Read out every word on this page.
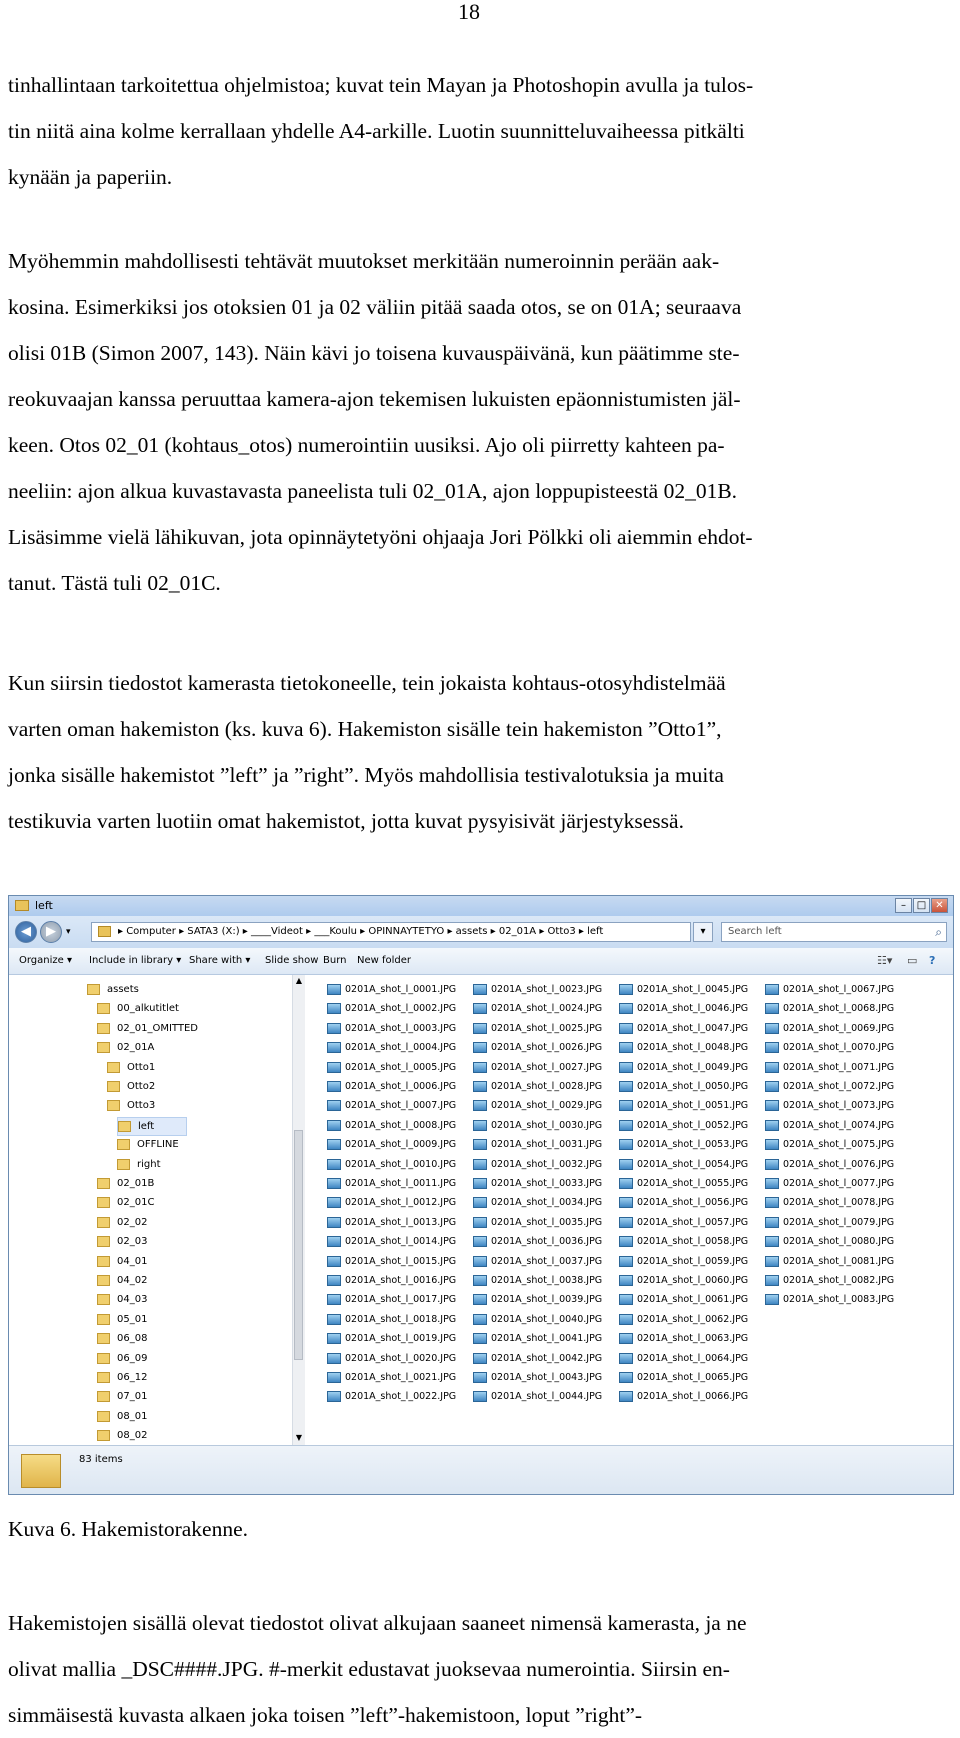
18

tinhallintaan tarkoitettua ohjelmistoa; kuvat tein Mayan ja Photoshopin avulla ja tulos-
tin niitä aina kolme kerrallaan yhdelle A4-arkille. Luotin suunnitteluvaiheessa pitkälti
kynään ja paperiin.

Myöhemmin mahdollisesti tehtävät muutokset merkitään numeroinnin perään aak-
kosina. Esimerkiksi jos otoksien 01 ja 02 väliin pitää saada otos, se on 01A; seuraava
olisi 01B (Simon 2007, 143). Näin kävi jo toisena kuvauspäivänä, kun päätimme ste-
reokuvaajan kanssa peruuttaa kamera-ajon tekemisen lukuisten epäonnistumisten jäl-
keen. Otos 02_01 (kohtaus_otos) numerointiin uusiksi. Ajo oli piirretty kahteen pa-
neeliin: ajon alkua kuvastavasta paneelista tuli 02_01A, ajon loppupisteestä 02_01B.
Lisäsimme vielä lähikuvan, jota opinnäytetyöni ohjaaja Jori Pölkki oli aiemmin ehdot-
tanut. Tästä tuli 02_01C.

Kun siirsin tiedostot kamerasta tietokoneelle, tein jokaista kohtaus-otosyhdistelmää
varten oman hakemiston (ks. kuva 6). Hakemiston sisälle tein hakemiston ”Otto1”,
jonka sisälle hakemistot ”left” ja ”right”. Myös mahdollisia testivalotuksia ja muita
testikuvia varten luotiin omat hakemistot, jotta kuvat pysyisivät järjestyksessä.

left	–	□ ✕
◀	▶	▾	▸ Computer ▸ SATA3 (X:) ▸ ____Videot ▸ ___Koulu ▸ OPINNAYTETYO ▸ assets ▸ 02_01A ▸ Otto3 ▸ left	▾	Search left	⌕
Organize ▾ Include in library ▾ Share with ▾ Slide show Burn New folder	☷▾ ▭ ?
▲
▼
assets
00_alkutitlet
02_01_OMITTED
02_01A
Otto1
Otto2
Otto3
left
OFFLINE
right
02_01B
02_01C
02_02
02_03
04_01
04_02
04_03
05_01
06_08
06_09
06_12
07_01
08_01
08_02
0201A_shot_l_0001.JPG
0201A_shot_l_0002.JPG
0201A_shot_l_0003.JPG
0201A_shot_l_0004.JPG
0201A_shot_l_0005.JPG
0201A_shot_l_0006.JPG
0201A_shot_l_0007.JPG
0201A_shot_l_0008.JPG
0201A_shot_l_0009.JPG
0201A_shot_l_0010.JPG
0201A_shot_l_0011.JPG
0201A_shot_l_0012.JPG
0201A_shot_l_0013.JPG
0201A_shot_l_0014.JPG
0201A_shot_l_0015.JPG
0201A_shot_l_0016.JPG
0201A_shot_l_0017.JPG
0201A_shot_l_0018.JPG
0201A_shot_l_0019.JPG
0201A_shot_l_0020.JPG
0201A_shot_l_0021.JPG
0201A_shot_l_0022.JPG
0201A_shot_l_0023.JPG
0201A_shot_l_0024.JPG
0201A_shot_l_0025.JPG
0201A_shot_l_0026.JPG
0201A_shot_l_0027.JPG
0201A_shot_l_0028.JPG
0201A_shot_l_0029.JPG
0201A_shot_l_0030.JPG
0201A_shot_l_0031.JPG
0201A_shot_l_0032.JPG
0201A_shot_l_0033.JPG
0201A_shot_l_0034.JPG
0201A_shot_l_0035.JPG
0201A_shot_l_0036.JPG
0201A_shot_l_0037.JPG
0201A_shot_l_0038.JPG
0201A_shot_l_0039.JPG
0201A_shot_l_0040.JPG
0201A_shot_l_0041.JPG
0201A_shot_l_0042.JPG
0201A_shot_l_0043.JPG
0201A_shot_l_0044.JPG
0201A_shot_l_0045.JPG
0201A_shot_l_0046.JPG
0201A_shot_l_0047.JPG
0201A_shot_l_0048.JPG
0201A_shot_l_0049.JPG
0201A_shot_l_0050.JPG
0201A_shot_l_0051.JPG
0201A_shot_l_0052.JPG
0201A_shot_l_0053.JPG
0201A_shot_l_0054.JPG
0201A_shot_l_0055.JPG
0201A_shot_l_0056.JPG
0201A_shot_l_0057.JPG
0201A_shot_l_0058.JPG
0201A_shot_l_0059.JPG
0201A_shot_l_0060.JPG
0201A_shot_l_0061.JPG
0201A_shot_l_0062.JPG
0201A_shot_l_0063.JPG
0201A_shot_l_0064.JPG
0201A_shot_l_0065.JPG
0201A_shot_l_0066.JPG
0201A_shot_l_0067.JPG
0201A_shot_l_0068.JPG
0201A_shot_l_0069.JPG
0201A_shot_l_0070.JPG
0201A_shot_l_0071.JPG
0201A_shot_l_0072.JPG
0201A_shot_l_0073.JPG
0201A_shot_l_0074.JPG
0201A_shot_l_0075.JPG
0201A_shot_l_0076.JPG
0201A_shot_l_0077.JPG
0201A_shot_l_0078.JPG
0201A_shot_l_0079.JPG
0201A_shot_l_0080.JPG
0201A_shot_l_0081.JPG
0201A_shot_l_0082.JPG
0201A_shot_l_0083.JPG
83 items

Kuva 6. Hakemistorakenne.

Hakemistojen sisällä olevat tiedostot olivat alkujaan saaneet nimensä kamerasta, ja ne
olivat mallia _DSC####.JPG. #-merkit edustavat juoksevaa numerointia. Siirsin en-
simmäisestä kuvasta alkaen joka toisen ”left”-hakemistoon, loput ”right”-
